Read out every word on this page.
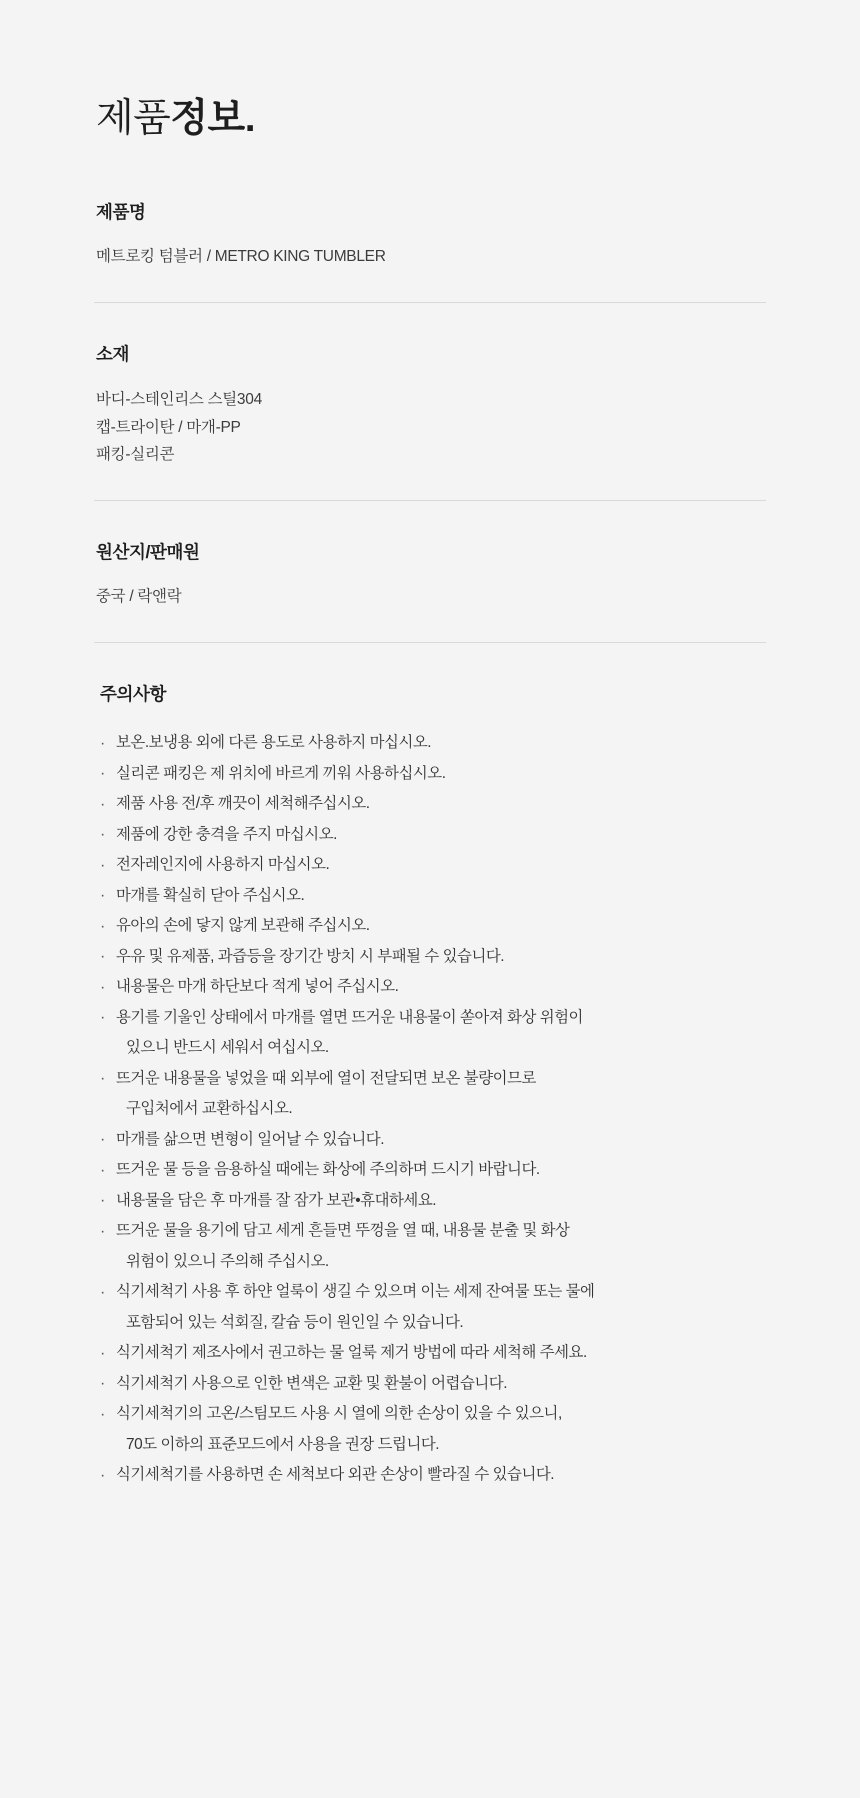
제품정보.
제품명
메트로킹 텀블러 / METRO KING TUMBLER
소재
바디-스테인리스 스틸304
캡-트라이탄 / 마개-PP
패킹-실리콘
원산지/판매원
중국 / 락앤락
주의사항
· 보온.보냉용 외에 다른 용도로 사용하지 마십시오.
· 실리콘 패킹은 제 위치에 바르게 끼워 사용하십시오.
· 제품 사용 전/후 깨끗이 세척해주십시오.
· 제품에 강한 충격을 주지 마십시오.
· 전자레인지에 사용하지 마십시오.
· 마개를 확실히 닫아 주십시오.
· 유아의 손에 닿지 않게 보관해 주십시오.
· 우유 및 유제품, 과즙등을 장기간 방치 시 부패될 수 있습니다.
· 내용물은 마개 하단보다 적게 넣어 주십시오.
· 용기를 기울인 상태에서 마개를 열면 뜨거운 내용물이 쏟아져 화상 위험이
있으니 반드시 세워서 여십시오.
· 뜨거운 내용물을 넣었을 때 외부에 열이 전달되면 보온 불량이므로
구입처에서 교환하십시오.
· 마개를 삶으면 변형이 일어날 수 있습니다.
· 뜨거운 물 등을 음용하실 때에는 화상에 주의하며 드시기 바랍니다.
· 내용물을 담은 후 마개를 잘 잠가 보관•휴대하세요.
· 뜨거운 물을 용기에 담고 세게 흔들면 뚜껑을 열 때, 내용물 분출 및 화상
위험이 있으니 주의해 주십시오.
· 식기세척기 사용 후 하얀 얼룩이 생길 수 있으며 이는 세제 잔여물 또는 물에
포함되어 있는 석회질, 칼슘 등이 원인일 수 있습니다.
· 식기세척기 제조사에서 권고하는 물 얼룩 제거 방법에 따라 세척해 주세요.
· 식기세척기 사용으로 인한 변색은 교환 및 환불이 어렵습니다.
· 식기세척기의 고온/스팀모드 사용 시 열에 의한 손상이 있을 수 있으니,
70도 이하의 표준모드에서 사용을 권장 드립니다.
· 식기세척기를 사용하면 손 세척보다 외관 손상이 빨라질 수 있습니다.
